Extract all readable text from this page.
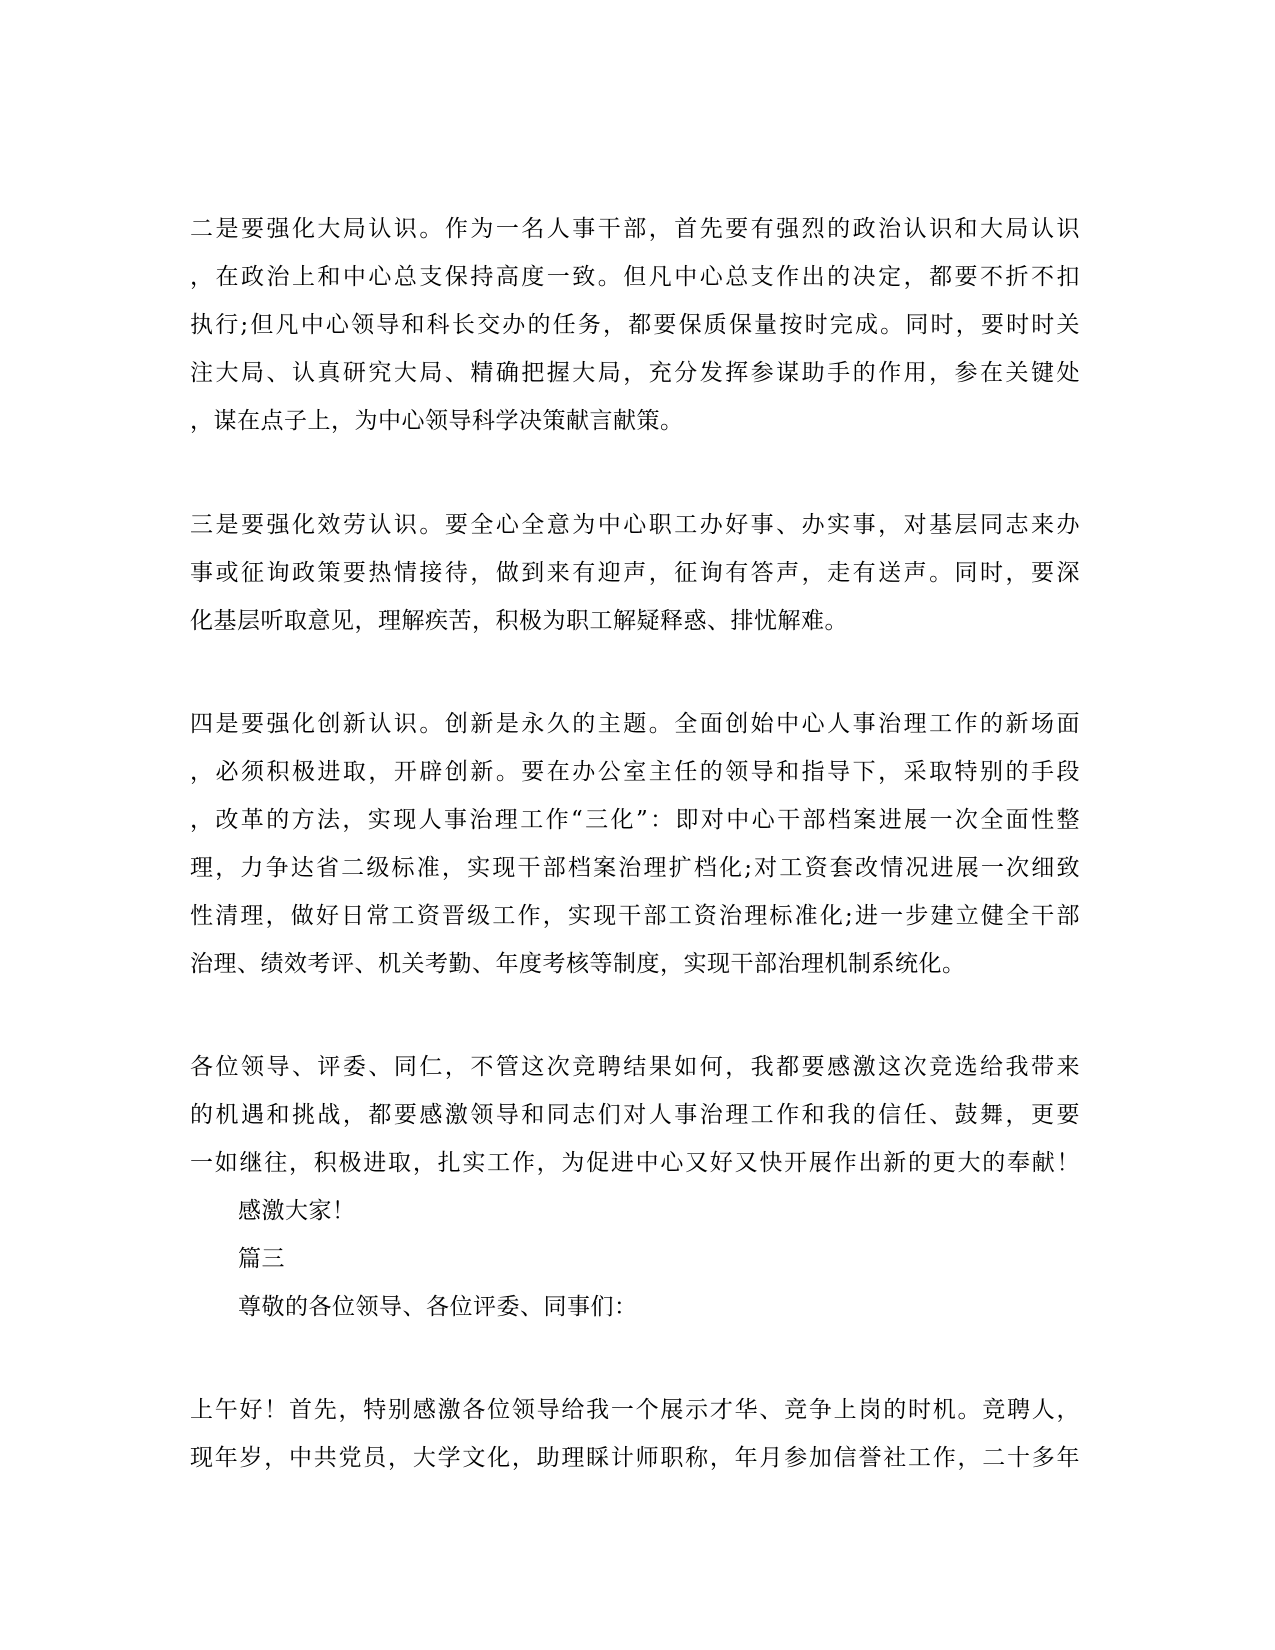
二是要强化大局认识。作为一名人事干部，首先要有强烈的政治认识和大局认识
，在政治上和中心总支保持高度一致。但凡中心总支作出的决定，都要不折不扣
执行;但凡中心领导和科长交办的任务，都要保质保量按时完成。同时，要时时关
注大局、认真研究大局、精确把握大局，充分发挥参谋助手的作用，参在关键处
，谋在点子上，为中心领导科学决策献言献策。
三是要强化效劳认识。要全心全意为中心职工办好事、办实事，对基层同志来办
事或征询政策要热情接待，做到来有迎声，征询有答声，走有送声。同时，要深
化基层听取意见，理解疾苦，积极为职工解疑释惑、排忧解难。
四是要强化创新认识。创新是永久的主题。全面创始中心人事治理工作的新场面
，必须积极进取，开辟创新。要在办公室主任的领导和指导下，采取特别的手段
，改革的方法，实现人事治理工作“三化”：即对中心干部档案进展一次全面性整
理，力争达省二级标准，实现干部档案治理扩档化;对工资套改情况进展一次细致
性清理，做好日常工资晋级工作，实现干部工资治理标准化;进一步建立健全干部
治理、绩效考评、机关考勤、年度考核等制度，实现干部治理机制系统化。
各位领导、评委、同仁，不管这次竞聘结果如何，我都要感激这次竞选给我带来
的机遇和挑战，都要感激领导和同志们对人事治理工作和我的信任、鼓舞，更要
一如继往，积极进取，扎实工作，为促进中心又好又快开展作出新的更大的奉献！
感激大家！
篇三
尊敬的各位领导、各位评委、同事们：
上午好！首先，特别感激各位领导给我一个展示才华、竞争上岗的时机。竞聘人，
现年岁，中共党员，大学文化，助理睬计师职称，年月参加信誉社工作，二十多年
